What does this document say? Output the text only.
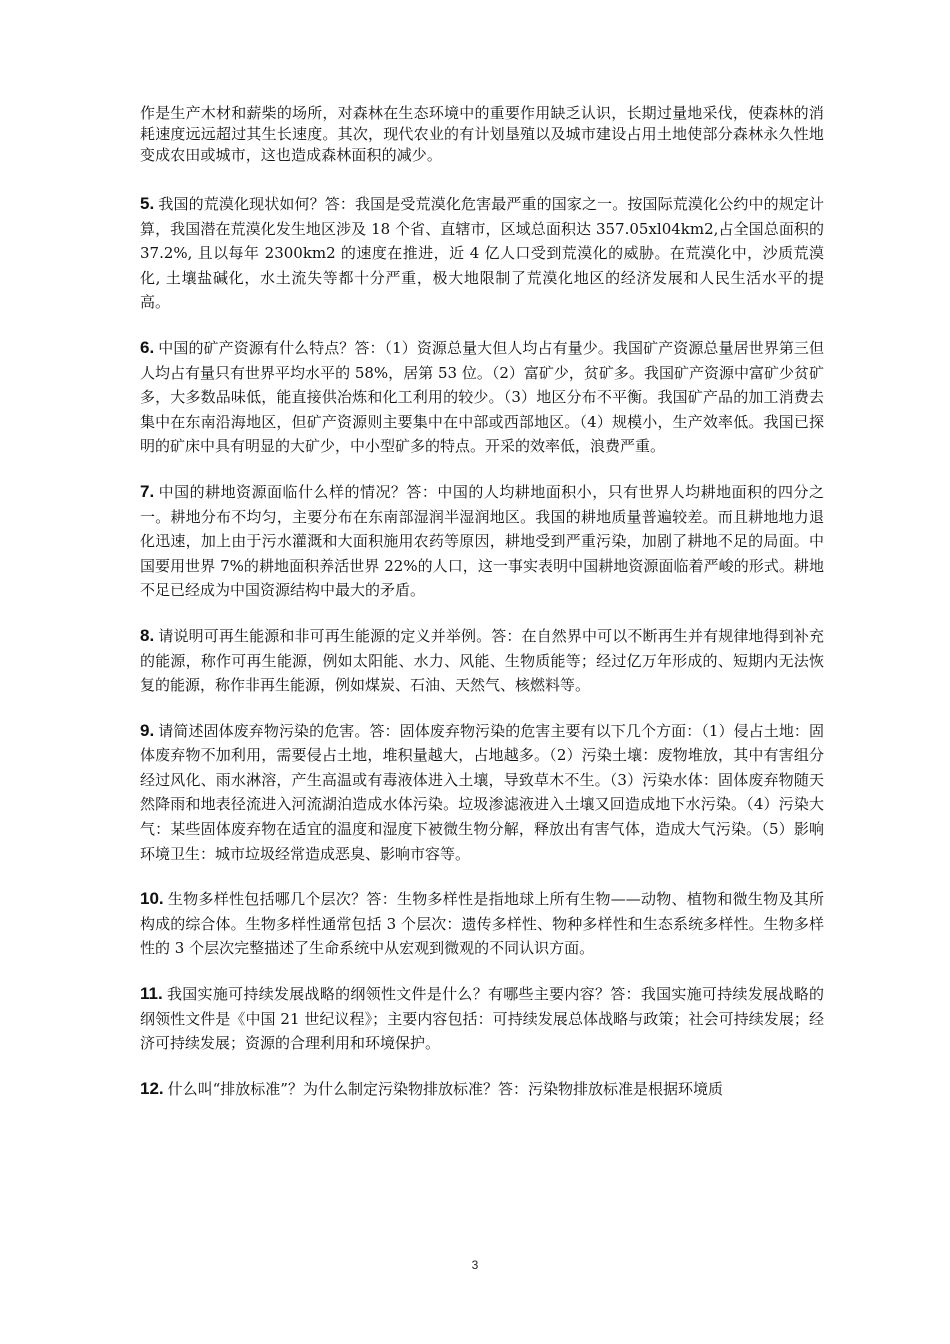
作是生产木材和薪柴的场所，对森林在生态环境中的重要作用缺乏认识，长期过量地采伐，使森林的消耗速度远远超过其生长速度。其次，现代农业的有计划垦殖以及城市建设占用土地使部分森林永久性地变成农田或城市，这也造成森林面积的减少。

5. 我国的荒漠化现状如何？答：我国是受荒漠化危害最严重的国家之一。按国际荒漠化公约中的规定计算，我国潜在荒漠化发生地区涉及 18 个省、直辖市，区域总面积达 357.05xl04km2,占全国总面积的 37.2%, 且以每年 2300km2 的速度在推进，近 4 亿人口受到荒漠化的威胁。在荒漠化中，沙质荒漠化, 土壤盐碱化，水土流失等都十分严重，极大地限制了荒漠化地区的经济发展和人民生活水平的提高。

6. 中国的矿产资源有什么特点？答：（1）资源总量大但人均占有量少。我国矿产资源总量居世界第三但人均占有量只有世界平均水平的 58%，居第 53 位。（2）富矿少，贫矿多。我国矿产资源中富矿少贫矿多，大多数品味低，能直接供冶炼和化工利用的较少。（3）地区分布不平衡。我国矿产品的加工消费去集中在东南沿海地区，但矿产资源则主要集中在中部或西部地区。（4）规模小，生产效率低。我国已探明的矿床中具有明显的大矿少，中小型矿多的特点。开采的效率低，浪费严重。

7. 中国的耕地资源面临什么样的情况？答：中国的人均耕地面积小，只有世界人均耕地面积的四分之一。耕地分布不均匀，主要分布在东南部湿润半湿润地区。我国的耕地质量普遍较差。而且耕地地力退化迅速，加上由于污水灌溉和大面积施用农药等原因，耕地受到严重污染，加剧了耕地不足的局面。中国要用世界 7%的耕地面积养活世界 22%的人口，这一事实表明中国耕地资源面临着严峻的形式。耕地不足已经成为中国资源结构中最大的矛盾。

8. 请说明可再生能源和非可再生能源的定义并举例。答：在自然界中可以不断再生并有规律地得到补充的能源，称作可再生能源，例如太阳能、水力、风能、生物质能等；经过亿万年形成的、短期内无法恢复的能源，称作非再生能源，例如煤炭、石油、天然气、核燃料等。

9. 请简述固体废弃物污染的危害。答：固体废弃物污染的危害主要有以下几个方面：（1）侵占土地：固体废弃物不加利用，需要侵占土地，堆积量越大，占地越多。（2）污染土壤：废物堆放，其中有害组分经过风化、雨水淋溶，产生高温或有毒液体进入土壤，导致草木不生。（3）污染水体：固体废弃物随天然降雨和地表径流进入河流湖泊造成水体污染。垃圾渗滤液进入土壤又回造成地下水污染。（4）污染大气：某些固体废弃物在适宜的温度和湿度下被微生物分解，释放出有害气体，造成大气污染。（5）影响环境卫生：城市垃圾经常造成恶臭、影响市容等。

10. 生物多样性包括哪几个层次？答：生物多样性是指地球上所有生物——动物、植物和微生物及其所构成的综合体。生物多样性通常包括 3 个层次：遗传多样性、物种多样性和生态系统多样性。生物多样性的 3 个层次完整描述了生命系统中从宏观到微观的不同认识方面。

11. 我国实施可持续发展战略的纲领性文件是什么？有哪些主要内容？答：我国实施可持续发展战略的纲领性文件是《中国 21 世纪议程》；主要内容包括：可持续发展总体战略与政策；社会可持续发展；经济可持续发展；资源的合理利用和环境保护。

12. 什么叫“排放标准”？为什么制定污染物排放标准？答：污染物排放标准是根据环境质

3
